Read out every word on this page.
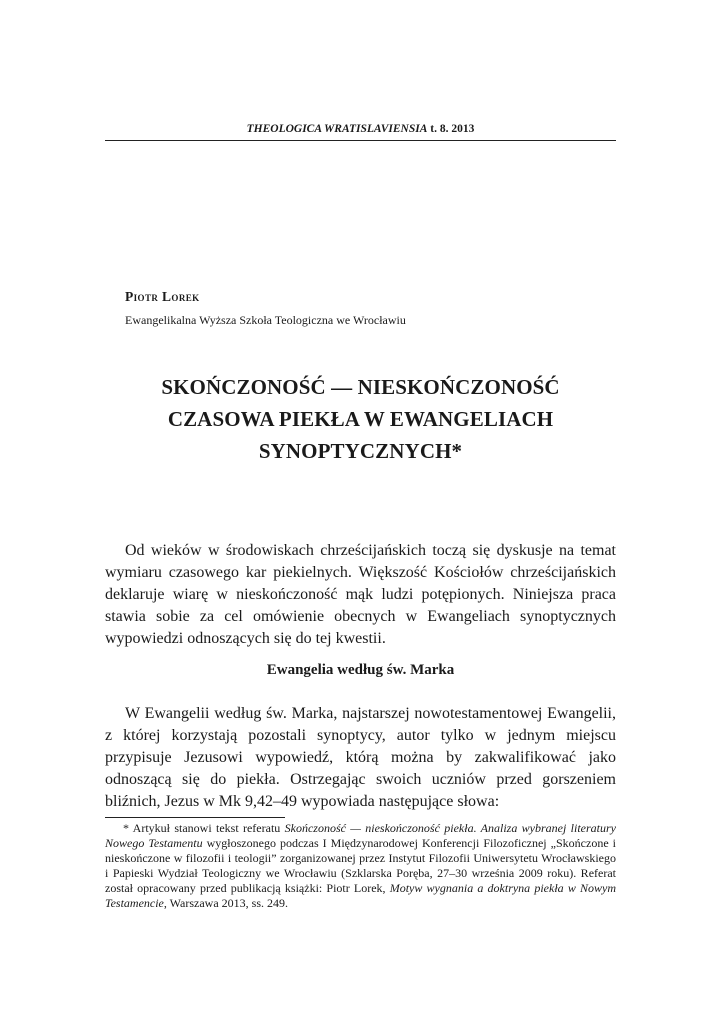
THEOLOGICA WRATISLAVIENSIA t. 8. 2013
Piotr Lorek
Ewangelikalna Wyższa Szkoła Teologiczna we Wrocławiu
SKOŃCZONOŚĆ — NIESKOŃCZONOŚĆ
CZASOWA PIEKŁA W EWANGELIACH
SYNOPTYCZNYCH*

Od wieków w środowiskach chrześcijańskich toczą się dyskusje na temat wymiaru czasowego kar piekielnych. Większość Kościołów chrześcijańskich deklaruje wiarę w nieskończoność mąk ludzi potępionych. Niniejsza praca stawia sobie za cel omówienie obecnych w Ewangeliach synoptycznych wypowiedzi odnoszących się do tej kwestii.

Ewangelia według św. Marka

W Ewangelii według św. Marka, najstarszej nowotestamentowej Ewangelii, z której korzystają pozostali synoptycy, autor tylko w jednym miejscu przypisuje Jezusowi wypowiedź, którą można by zakwalifikować jako odnoszącą się do piekła. Ostrzegając swoich uczniów przed gorszeniem bliźnich, Jezus w Mk 9,42–49 wypowiada następujące słowa:

* Artykuł stanowi tekst referatu Skończoność — nieskończoność piekła. Analiza wybranej literatury Nowego Testamentu wygłoszonego podczas I Międzynarodowej Konferencji Filozoficznej „Skończone i nieskończone w filozofii i teologii” zorganizowanej przez Instytut Filozofii Uniwersytetu Wrocławskiego i Papieski Wydział Teologiczny we Wrocławiu (Szklarska Poręba, 27–30 września 2009 roku). Referat został opracowany przed publikacją książki: Piotr Lorek, Motyw wygnania a doktryna piekła w Nowym Testamencie, Warszawa 2013, ss. 249.
